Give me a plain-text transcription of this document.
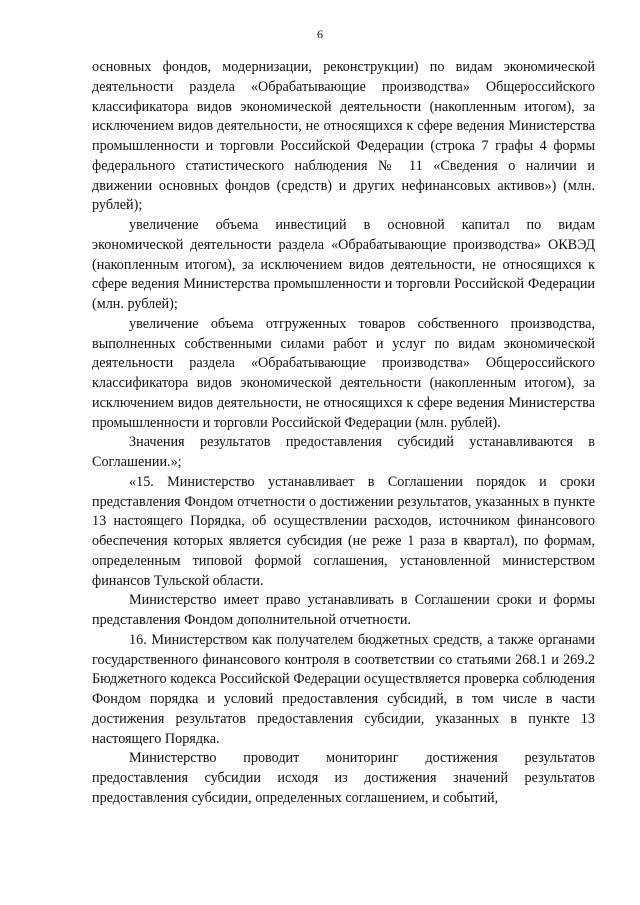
6

основных фондов, модернизации, реконструкции) по видам экономической деятельности раздела «Обрабатывающие производства» Общероссийского классификатора видов экономической деятельности (накопленным итогом), за исключением видов деятельности, не относящихся к сфере ведения Министерства промышленности и торговли Российской Федерации (строка 7 графы 4 формы федерального статистического наблюдения № 11 «Сведения о наличии и движении основных фондов (средств) и других нефинансовых активов») (млн. рублей);

увеличение объема инвестиций в основной капитал по видам экономической деятельности раздела «Обрабатывающие производства» ОКВЭД (накопленным итогом), за исключением видов деятельности, не относящихся к сфере ведения Министерства промышленности и торговли Российской Федерации (млн. рублей);

увеличение объема отгруженных товаров собственного производства, выполненных собственными силами работ и услуг по видам экономической деятельности раздела «Обрабатывающие производства» Общероссийского классификатора видов экономической деятельности (накопленным итогом), за исключением видов деятельности, не относящихся к сфере ведения Министерства промышленности и торговли Российской Федерации (млн. рублей).

Значения результатов предоставления субсидий устанавливаются в Соглашении.»;

«15. Министерство устанавливает в Соглашении порядок и сроки представления Фондом отчетности о достижении результатов, указанных в пункте 13 настоящего Порядка, об осуществлении расходов, источником финансового обеспечения которых является субсидия (не реже 1 раза в квартал), по формам, определенным типовой формой соглашения, установленной министерством финансов Тульской области.

Министерство имеет право устанавливать в Соглашении сроки и формы представления Фондом дополнительной отчетности.

16. Министерством как получателем бюджетных средств, а также органами государственного финансового контроля в соответствии со статьями 268.1 и 269.2 Бюджетного кодекса Российской Федерации осуществляется проверка соблюдения Фондом порядка и условий предоставления субсидий, в том числе в части достижения результатов предоставления субсидии, указанных в пункте 13 настоящего Порядка.

Министерство проводит мониторинг достижения результатов предоставления субсидии исходя из достижения значений результатов предоставления субсидии, определенных соглашением, и событий,
